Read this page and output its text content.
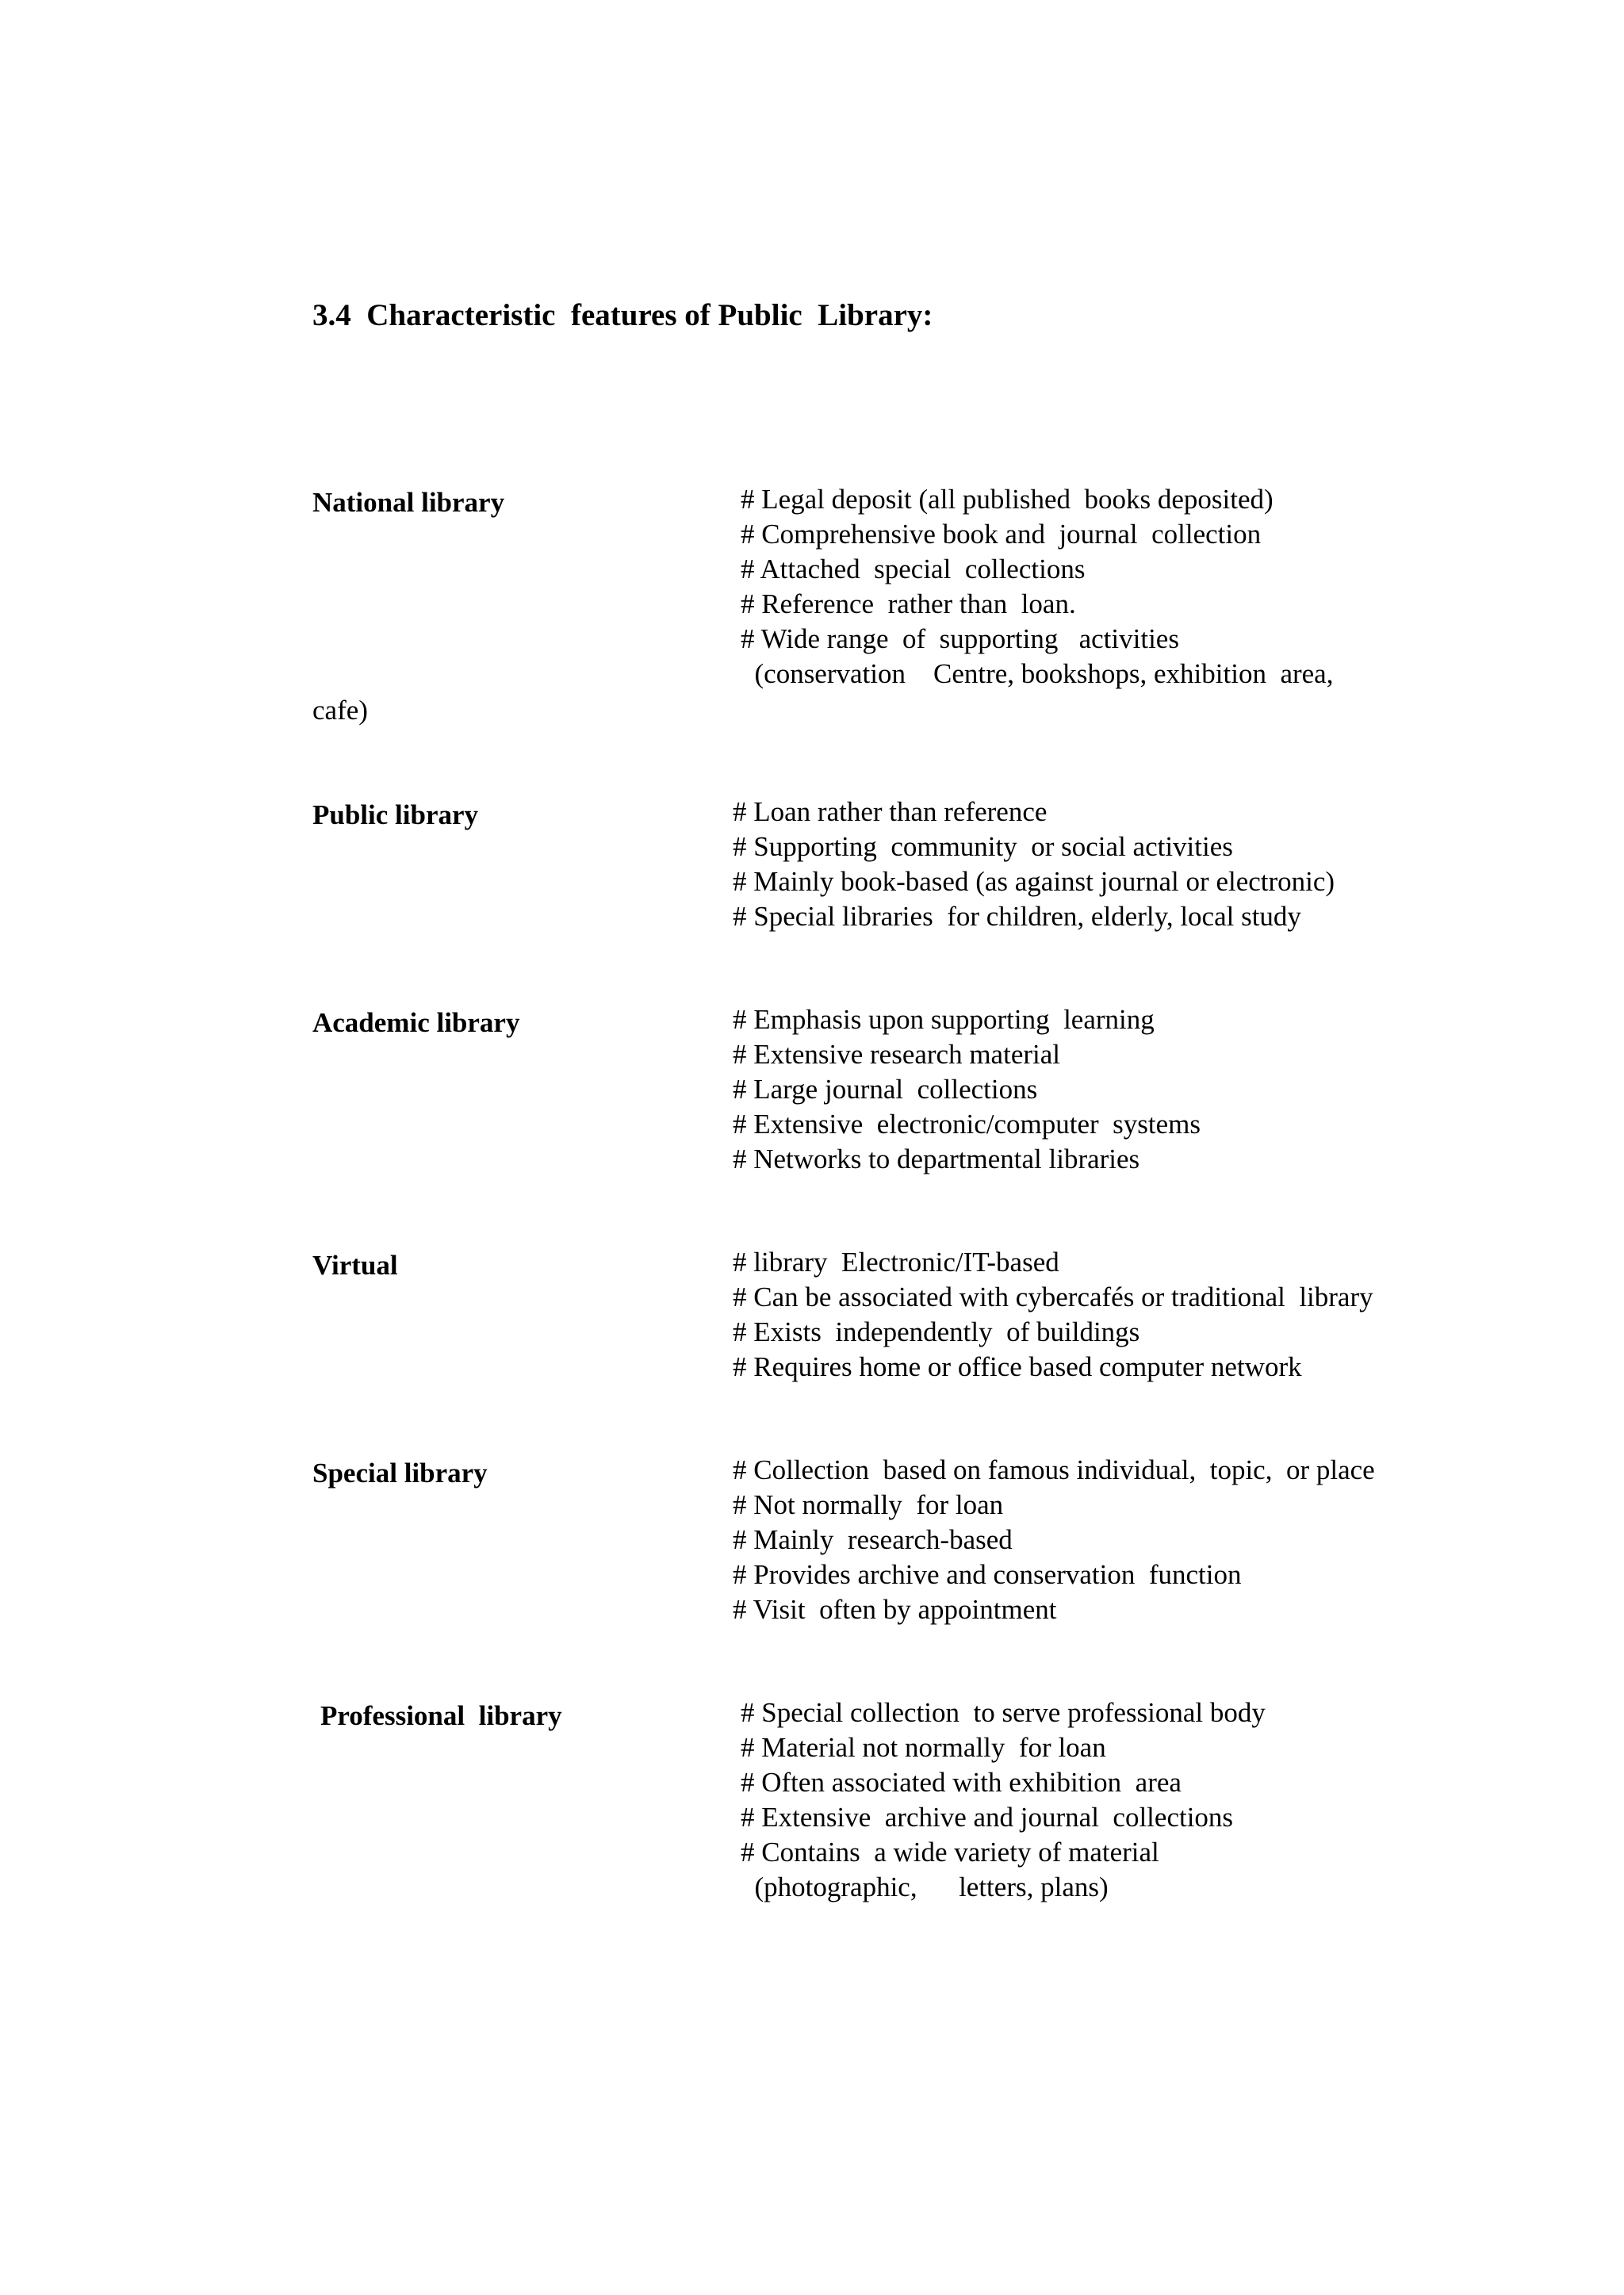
3.4  Characteristic  features of Public  Library:
National library	# Legal deposit (all published  books deposited)
# Comprehensive book and  journal  collection
# Attached  special  collections
# Reference  rather than  loan.
# Wide range  of  supporting   activities
(conservation    Centre, bookshops, exhibition  area,
cafe)
Public library	# Loan rather than reference
# Supporting  community  or social activities
# Mainly book-based (as against journal or electronic)
# Special libraries  for children, elderly, local study
Academic library	# Emphasis upon supporting  learning
# Extensive research material
# Large journal  collections
# Extensive  electronic/computer  systems
# Networks to departmental libraries
Virtual	# library  Electronic/IT-based
# Can be associated with cybercafés or traditional  library
# Exists  independently  of buildings
# Requires home or office based computer network
Special library	# Collection  based on famous individual,  topic,  or place
# Not normally  for loan
# Mainly  research-based
# Provides archive and conservation  function
# Visit  often by appointment
Professional  library	# Special collection  to serve professional body
# Material not normally  for loan
# Often associated with exhibition  area
# Extensive  archive and journal  collections
# Contains  a wide variety of material
(photographic,      letters, plans)
